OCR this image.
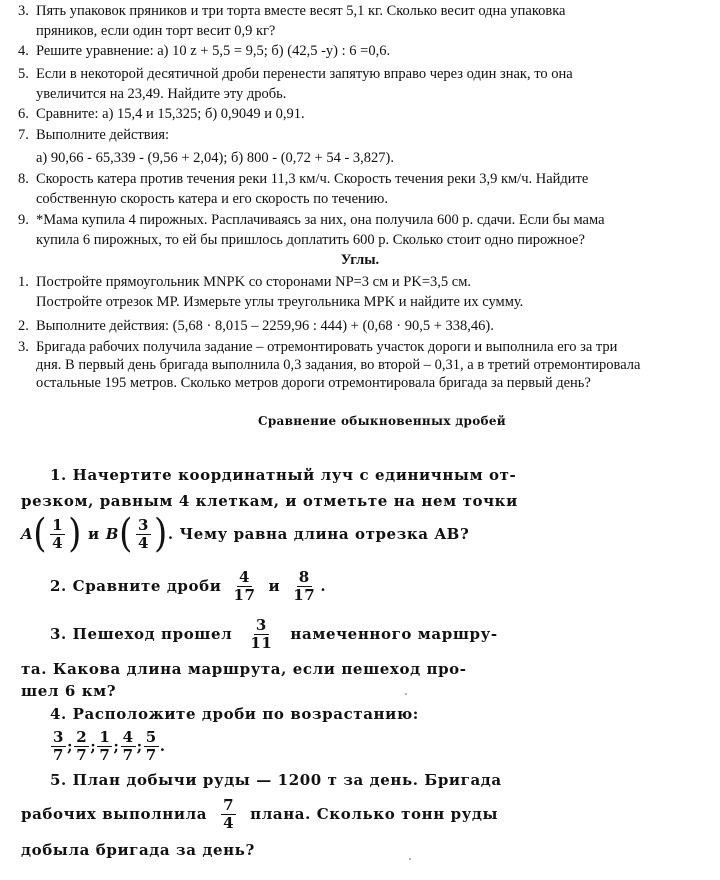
3. Пять упаковок пряников и три торта вместе весят 5,1 кг. Сколько весит одна упаковка
пряников, если один торт весит 0,9 кг?
4. Решите уравнение: а) 10 z + 5,5 = 9,5; б) (42,5 -у) : 6 =0,6.
5. Если в некоторой десятичной дроби перенести запятую вправо через один знак, то она
увеличится на 23,49. Найдите эту дробь.
6. Сравните: а) 15,4 и 15,325; б) 0,9049 и 0,91.
7. Выполните действия:
а) 90,66 - 65,339 - (9,56 + 2,04); б) 800 - (0,72 + 54 - 3,827).
8. Скорость катера против течения реки 11,3 км/ч. Скорость течения реки 3,9 км/ч. Найдите
собственную скорость катера и его скорость по течению.
9. *Мама купила 4 пирожных. Расплачиваясь за них, она получила 600 р. сдачи. Если бы мама
купила 6 пирожных, то ей бы пришлось доплатить 600 р. Сколько стоит одно пирожное?
Углы.
1. Постройте прямоугольник MNPK со сторонами NP=3 см и PK=3,5 см.
Постройте отрезок MP. Измерьте углы треугольника MPK и найдите их сумму.
2. Выполните действия: (5,68 · 8,015 – 2259,96 : 444) + (0,68 · 90,5 + 338,46).
3. Бригада рабочих получила задание – отремонтировать участок дороги и выполнила его за три
дня. В первый день бригада выполнила 0,3 задания, во второй – 0,31, а в третий отремонтировала
остальные 195 метров. Сколько метров дороги отремонтировала бригада за первый день?
Сравнение обыкновенных дробей
1. Начертите координатный луч с единичным от-
резком, равным 4 клеткам, и отметьте на нем точки
A ( $\frac{1}{4}$ ) и B ( $\frac{3}{4}$ ) . Чему равна длина отрезка AB?
2. Сравните дроби $\frac{4}{17}$ и $\frac{8}{17}$ .
3. Пешеход прошел $\frac{3}{11}$ намеченного маршру-
та. Какова длина маршрута, если пешеход про-
шел 6 км?
4. Расположите дроби по возрастанию:
$\frac{3}{7}$ ; $\frac{2}{7}$ ; $\frac{1}{7}$ ; $\frac{4}{7}$ ; $\frac{5}{7}$ .
5. План добычи руды — 1200 т за день. Бригада
рабочих выполнила $\frac{7}{4}$ плана. Сколько тонн руды
добыла бригада за день?
